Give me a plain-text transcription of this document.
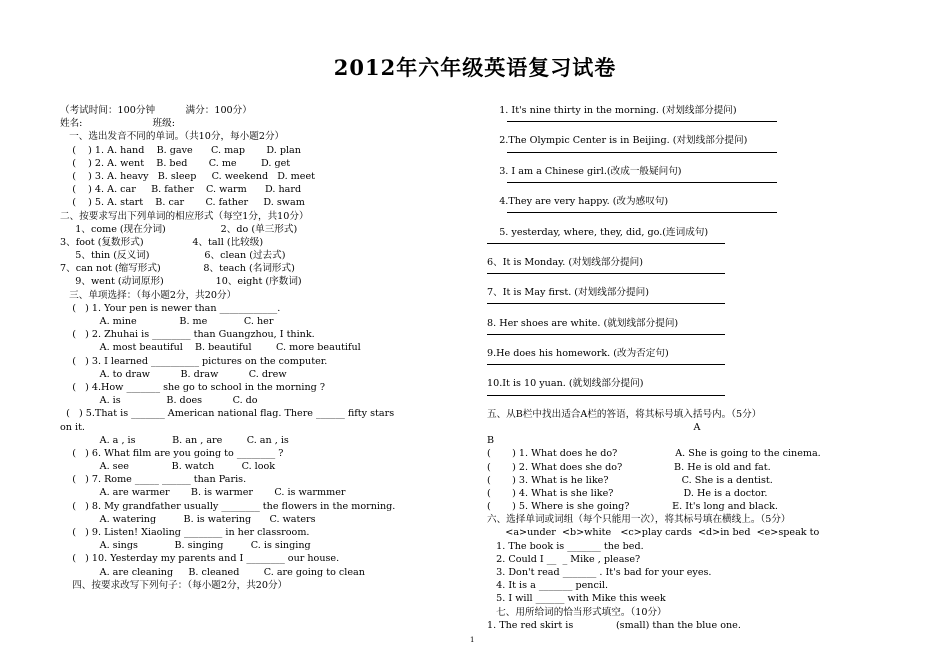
2012年六年级英语复习试卷
（考试时间：100分钟          满分：100分）
姓名:                       班级:
一、选出发音不同的单词。（共10分，每小题2分）
(    ) 1. A. hand    B. gave      C. map       D. plan
(    ) 2. A. went    B. bed       C. me        D. get
(    ) 3. A. heavy   B. sleep     C. weekend   D. meet
(    ) 4. A. car     B. father    C. warm      D. hard
(    ) 5. A. start    B. car       C. father     D. swam
二、按要求写出下列单词的相应形式（每空1分，共10分）
1、come (现在分词)                  2、do (单三形式)
3、foot (复数形式)                4、tall (比较级)
5、thin (反义词)                  6、clean (过去式)
7、can not (缩写形式)              8、teach (名词形式)
9、went (动词原形)                 10、eight (序数词)
三、单项选择：（每小题2分，共20分）
(   ) 1. Your pen is newer than ____________.
A. mine              B. me            C. her
(   ) 2. Zhuhai is ________ than Guangzhou, I think.
A. most beautiful    B. beautiful        C. more beautiful
(   ) 3. I learned __________ pictures on the computer.
A. to draw          B. draw          C. drew
(   ) 4.How _______ she go to school in the morning ?
A. is               B. does          C. do
(   ) 5.That is _______ American national flag. There ______ fifty stars
on it.
A. a , is            B. an , are        C. an , is
(   ) 6. What film are you going to ________ ?
A. see              B. watch         C. look
(   ) 7. Rome _____ ______ than Paris.
A. are warmer       B. is warmer       C. is warmmer
(   ) 8. My grandfather usually ________ the flowers in the morning.
A. watering         B. is watering      C. waters
(   ) 9. Listen! Xiaoling ________ in her classroom.
A. sings            B. singing         C. is singing
(   ) 10. Yesterday my parents and I ________ our house.
A. are cleaning     B. cleaned        C. are going to clean
四、按要求改写下列句子：（每小题2分，共20分）
1. It's nine thirty in the morning. (对划线部分提问)
2.The Olympic Center is in Beijing. (对划线部分提问)
3. I am a Chinese girl.(改成一般疑问句)
4.They are very happy. (改为感叹句)
5. yesterday, where, they, did, go.(连词成句)
6、It is Monday. (对划线部分提问)
7、It is May first. (对划线部分提问)
8. Her shoes are white. (就划线部分提问)
9.He does his homework. (改为否定句)
10.It is 10 yuan. (就划线部分提问)
五、从B栏中找出适合A栏的答语，将其标号填入括号内。（5分）
A
B
(       ) 1. What does he do?                   A. She is going to the cinema.
(       ) 2. What does she do?                 B. He is old and fat.
(       ) 3. What is he like?                        C. She is a dentist.
(       ) 4. What is she like?                       D. He is a doctor.
(       ) 5. Where is she going?              E. It's long and black.
六、选择单词或词组（每个只能用一次），将其标号填在横线上。（5分）
<a>under  <b>white   <c>play cards  <d>in bed  <e>speak to
1. The book is _______ the bed.
2. Could I __  _ Mike , please?
3. Don't read _______ . It's bad for your eyes.
4. It is a _______ pencil.
5. I will ______ with Mike this week
七、用所给词的恰当形式填空。（10分）
1. The red skirt is              (small) than the blue one.
1
